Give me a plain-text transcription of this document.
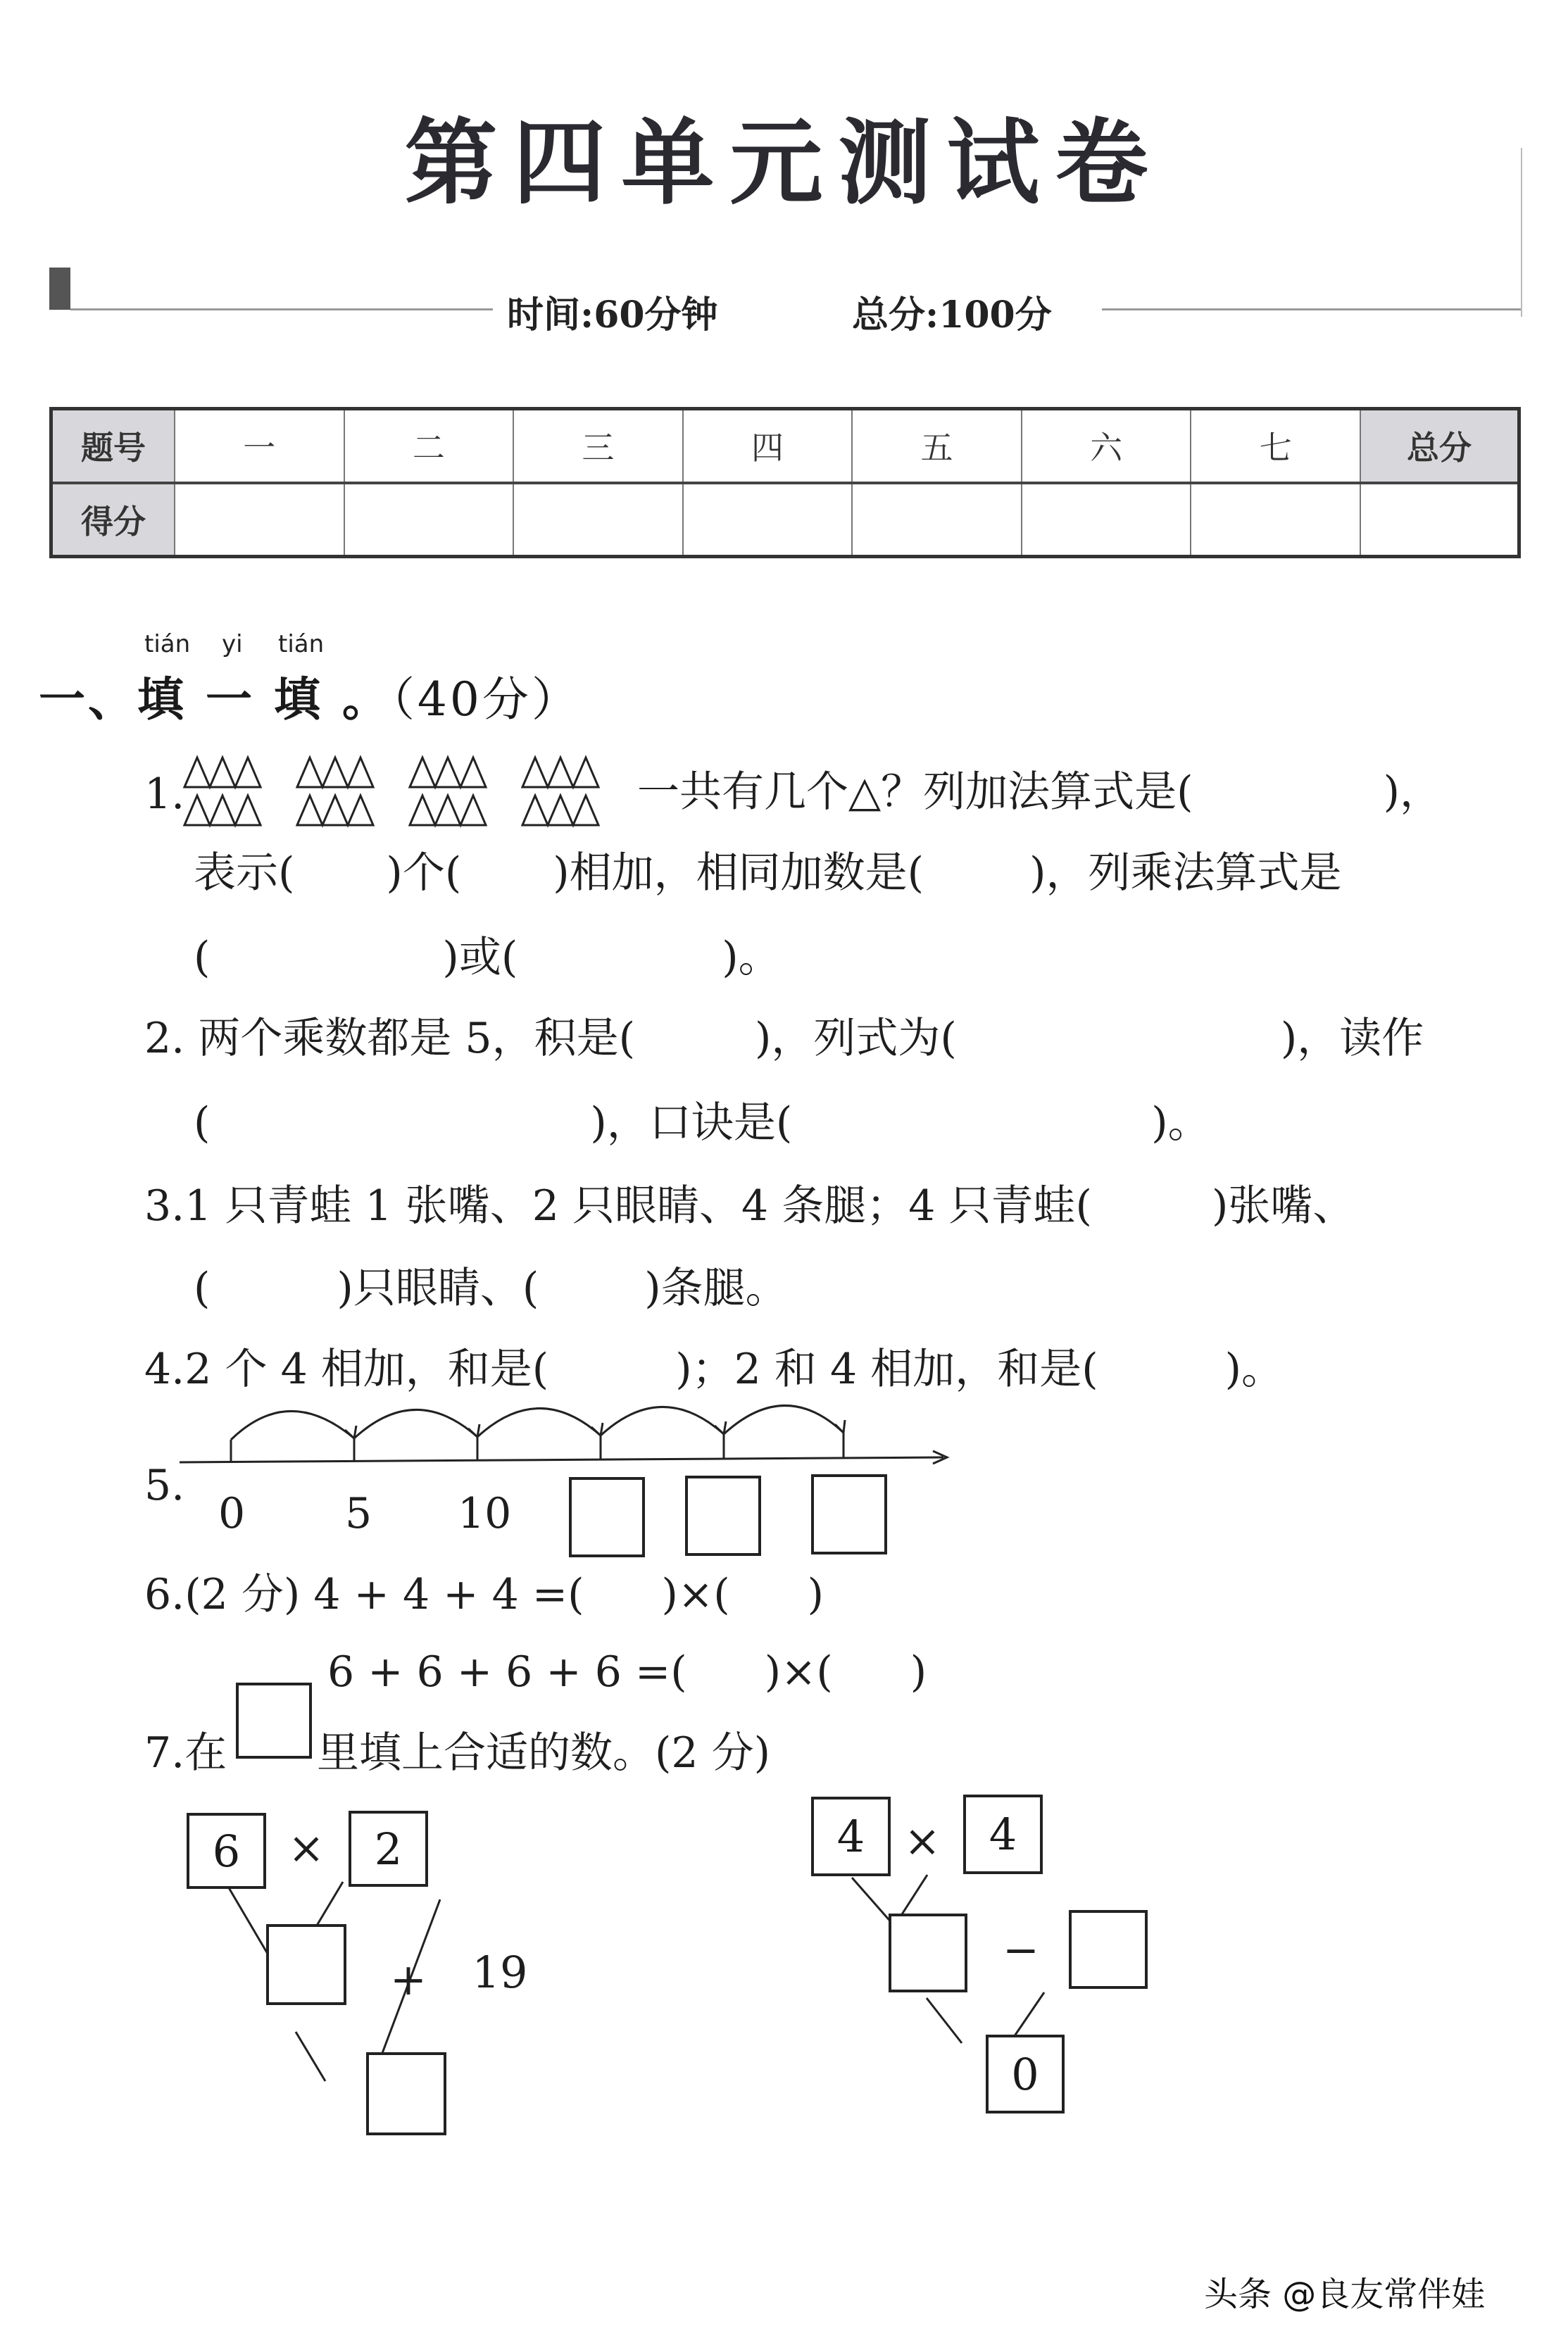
第四单元测试卷
时间:60分钟	总分:100分
题号	一	二	三	四	五	六	七	总分
得分								
tián yi tián
一、填 一 填 。（40分）
1.	一共有几个△？列加法算式是(	)，
表示( )个( )相加，相同加数是(	)，列乘法算式是
(	)或(	)。
2. 两个乘数都是 5，积是(	)，列式为(	)，读作
(	)，口诀是(	)。
3.1 只青蛙 1 张嘴、2 只眼睛、4 条腿；4 只青蛙(	)张嘴、
(	)只眼睛、(	)条腿。
4.2 个 4 相加，和是(	)；2 和 4 相加，和是(	)。
5.
0 5 10
6.(2 分) 4 + 4 + 4 =( )×( )
6 + 6 + 6 + 6 =( )×( )
7.在 里填上合适的数。(2 分)
6	×	2
+ 19
4 ×	4
−
0
头条 @良友常伴娃
